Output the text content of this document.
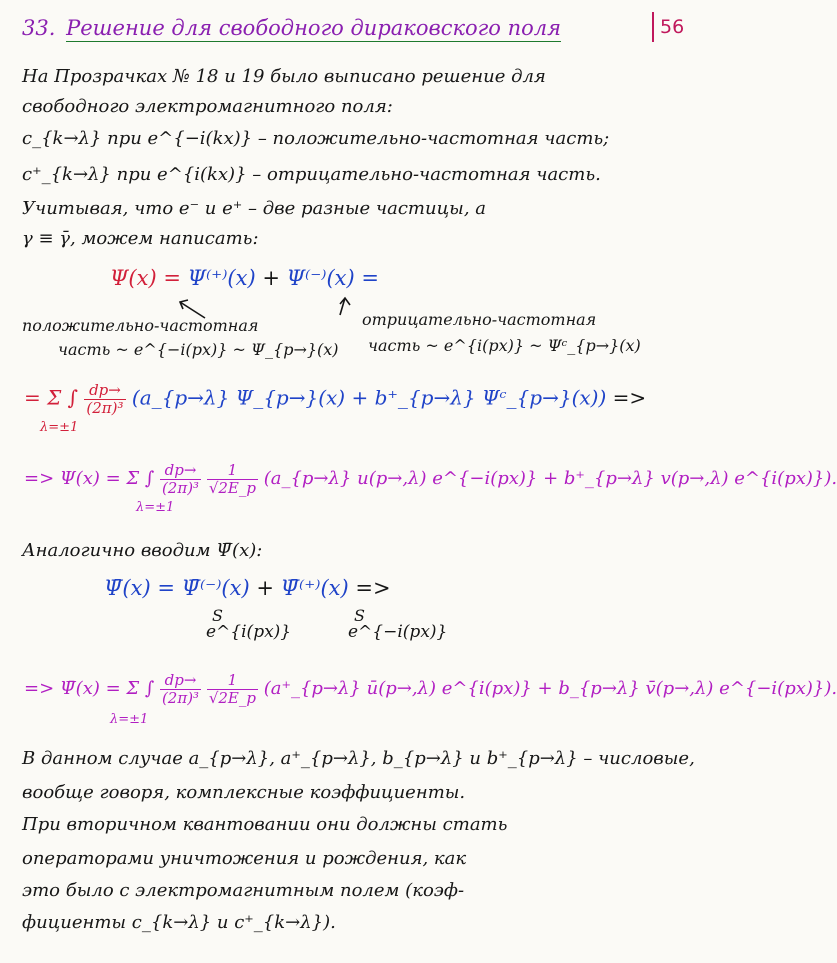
56
33. Решение для свободного дираковского поля
На Прозрачках № 18 и 19 было выписано решение для
свободного электромагнитного поля:
c_{k→λ} при e^{−i(kx)} – положительно-частотная часть;
c⁺_{k→λ} при e^{i(kx)} – отрицательно-частотная часть.
Учитывая, что e⁻ и e⁺ – две разные частицы, а
γ ≡ γ̄, можем написать:
Ψ(x) = Ψ⁽⁺⁾(x) + Ψ⁽⁻⁾(x) =
положительно-частотная
часть ~ e^{−i(px)} ~ Ψ_{p→}(x)
отрицательно-частотная
часть ~ e^{i(px)} ~ Ψᶜ_{p→}(x)
= Σ ∫ $\frac{dp\to}{\text{(2π)³}}$ (a_{p→λ} Ψ_{p→}(x) + b⁺_{p→λ} Ψᶜ_{p→}(x)) =>
λ=±1
=> Ψ(x) = Σ ∫ $\frac{dp\to}{\text{(2π)³}}$
$\frac{1}{√2E\_p}$ (a_{p→λ} u(p→,λ) e^{−i(px)} + b⁺_{p→λ} v(p→,λ) e^{i(px)}).
λ=±1
Аналогично вводим Ψ̄(x):
Ψ̄(x) = Ψ̄⁽⁻⁾(x) + Ψ̄⁽⁺⁾(x) =>
S
e^{i(px)}
S
e^{−i(px)}
=> Ψ̄(x) = Σ ∫ $\frac{dp\to}{\text{(2π)³}}$
$\frac{1}{√2E\_p}$ (a⁺_{p→λ} ū(p→,λ) e^{i(px)} + b_{p→λ} v̄(p→,λ) e^{−i(px)}).
λ=±1
В данном случае a_{p→λ}, a⁺_{p→λ}, b_{p→λ} и b⁺_{p→λ} – числовые,
вообще говоря, комплексные коэффициенты.
При вторичном квантовании они должны стать
операторами уничтожения и рождения, как
это было с электромагнитным полем (коэф-
фициенты c_{k→λ} и c⁺_{k→λ}).
